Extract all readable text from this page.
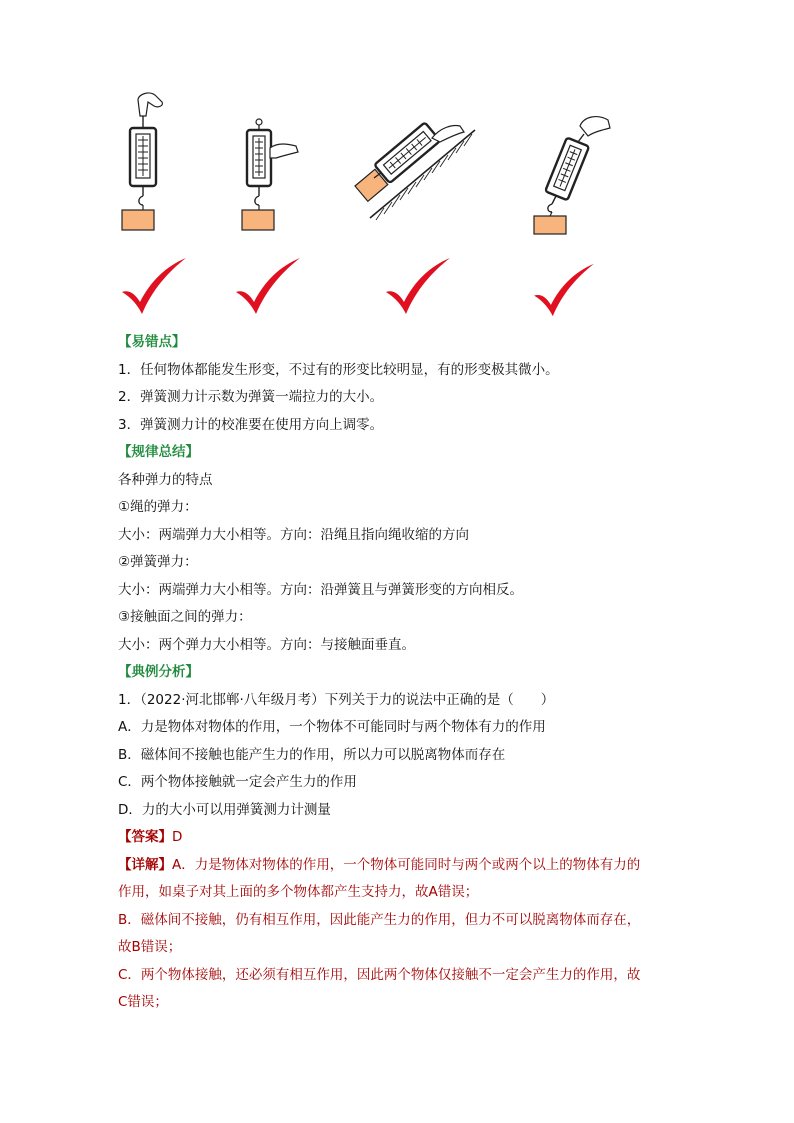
【易错点】
1．任何物体都能发生形变，不过有的形变比较明显，有的形变极其微小。
2．弹簧测力计示数为弹簧一端拉力的大小。
3．弹簧测力计的校准要在使用方向上调零。
【规律总结】
各种弹力的特点
①绳的弹力：
大小：两端弹力大小相等。方向：沿绳且指向绳收缩的方向
②弹簧弹力：
大小：两端弹力大小相等。方向：沿弹簧且与弹簧形变的方向相反。
③接触面之间的弹力：
大小：两个弹力大小相等。方向：与接触面垂直。
【典例分析】
1．（2022·河北邯郸·八年级月考）下列关于力的说法中正确的是（　　）
A．力是物体对物体的作用，一个物体不可能同时与两个物体有力的作用
B．磁体间不接触也能产生力的作用，所以力可以脱离物体而存在
C．两个物体接触就一定会产生力的作用
D．力的大小可以用弹簧测力计测量
【答案】D
【详解】A．力是物体对物体的作用，一个物体可能同时与两个或两个以上的物体有力的
作用，如桌子对其上面的多个物体都产生支持力，故A错误；
B．磁体间不接触，仍有相互作用，因此能产生力的作用，但力不可以脱离物体而存在，
故B错误；
C．两个物体接触，还必须有相互作用，因此两个物体仅接触不一定会产生力的作用，故
C错误；
